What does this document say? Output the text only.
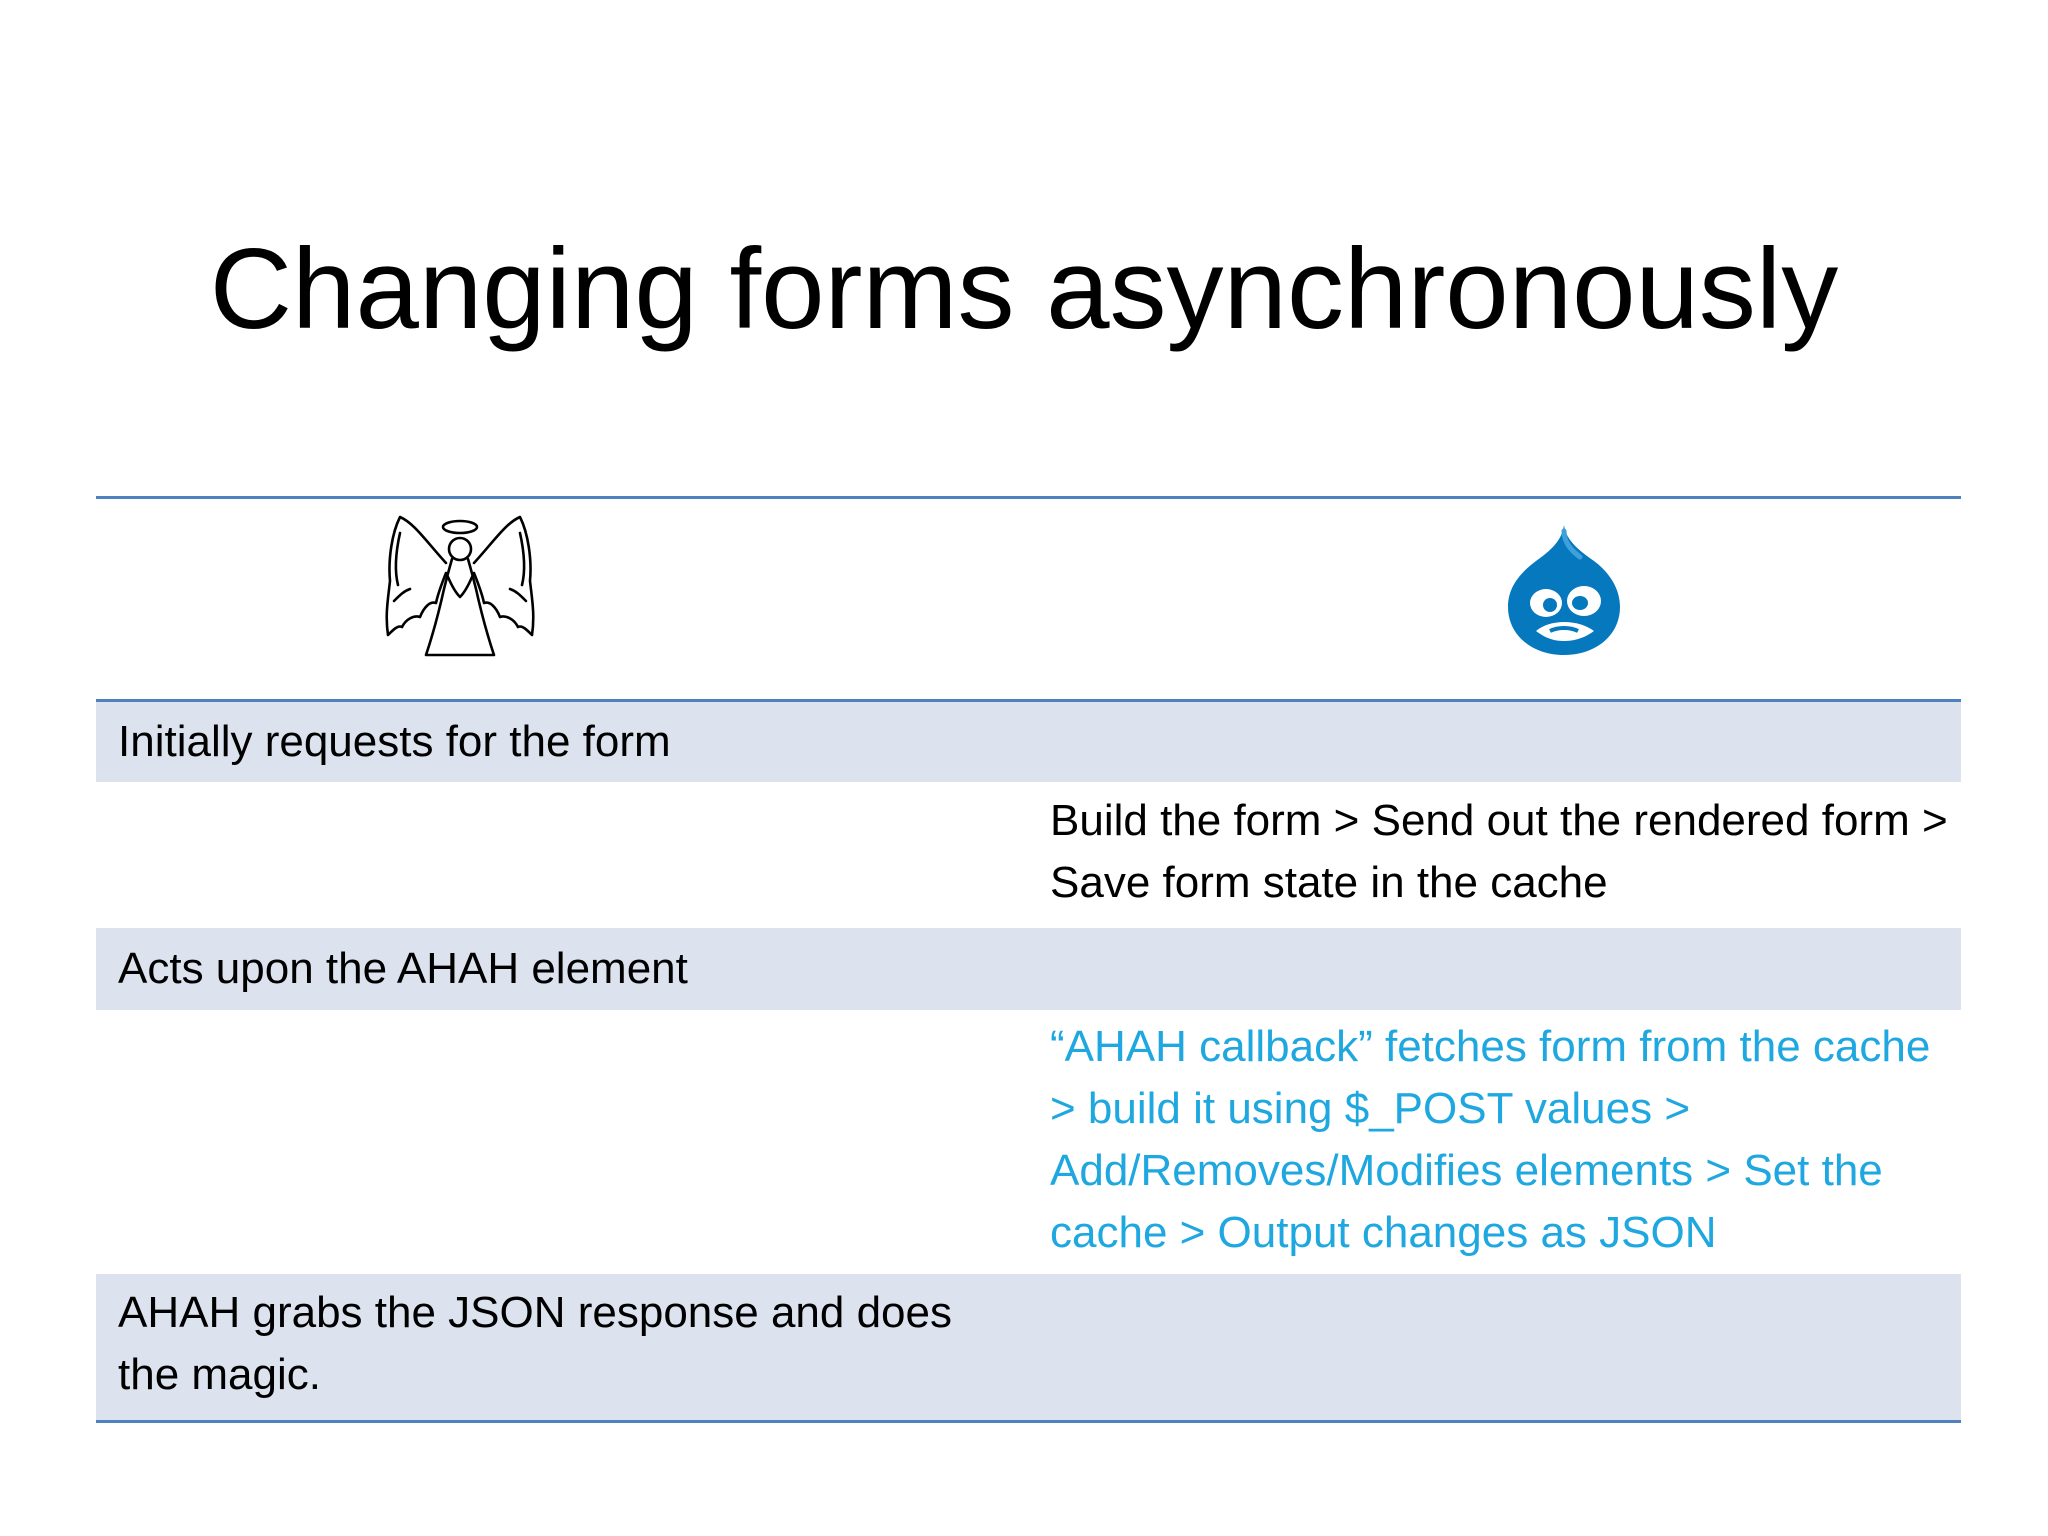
Changing forms asynchronously
Initially requests for the form
Build the form > Send out the rendered form > Save form state in the cache
Acts upon the AHAH element
“AHAH callback” fetches form from the cache > build it using $_POST values > Add/Removes/Modifies elements > Set the cache > Output changes as JSON
AHAH grabs the JSON response and does the magic.
